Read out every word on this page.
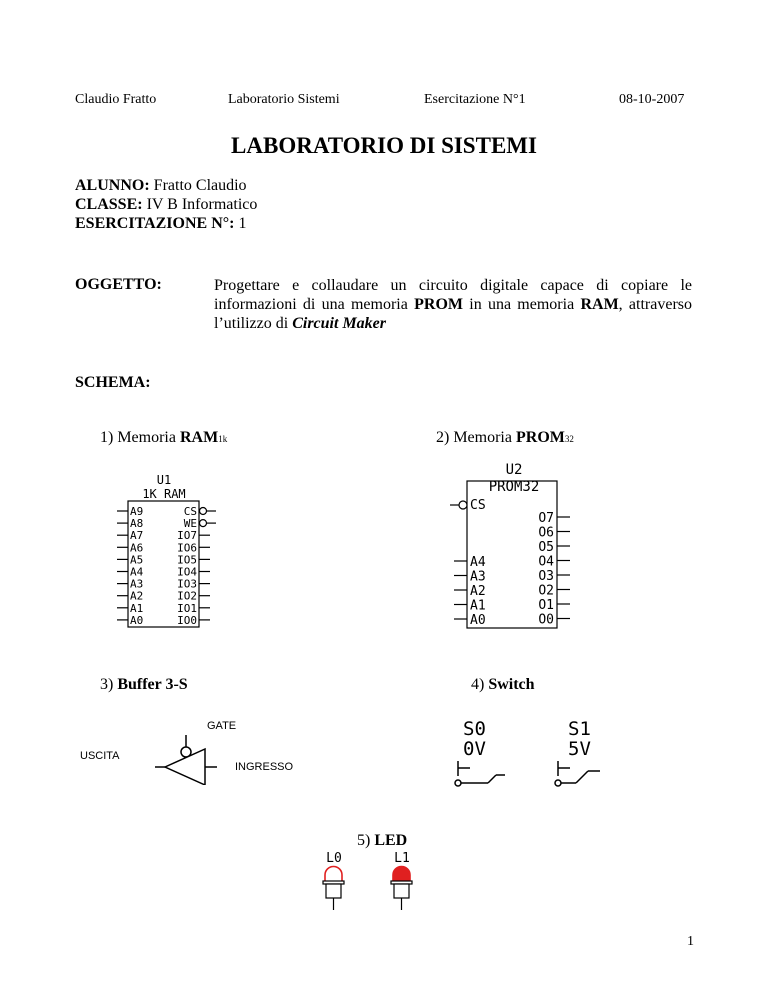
Claudio Fratto	Laboratorio Sistemi	Esercitazione N°1	08-10-2007
LABORATORIO DI SISTEMI
ALUNNO: Fratto Claudio
CLASSE: IV B Informatico
ESERCITAZIONE N°: 1
OGGETTO:	Progettare e collaudare un circuito digitale capace di copiare le informazioni di una memoria PROM in una memoria RAM, attraverso l’utilizzo di Circuit Maker
SCHEMA:
1) Memoria RAM1k	2) Memoria PROM32
3) Buffer 3-S	4) Switch
5) LED
U1
1K RAM
A9
A8
A7
A6
A5
A4
A3
A2
A1
A0
CS
WE
IO7
IO6
IO5
IO4
IO3
IO2
IO1
IO0
U2
PROM32
CS
A4
A3
A2
A1
A0
O7
O6
O5
O4
O3
O2
O1
O0
GATE
USCITA
INGRESSO
S0
0V
S1
5V
L0	L1
1
